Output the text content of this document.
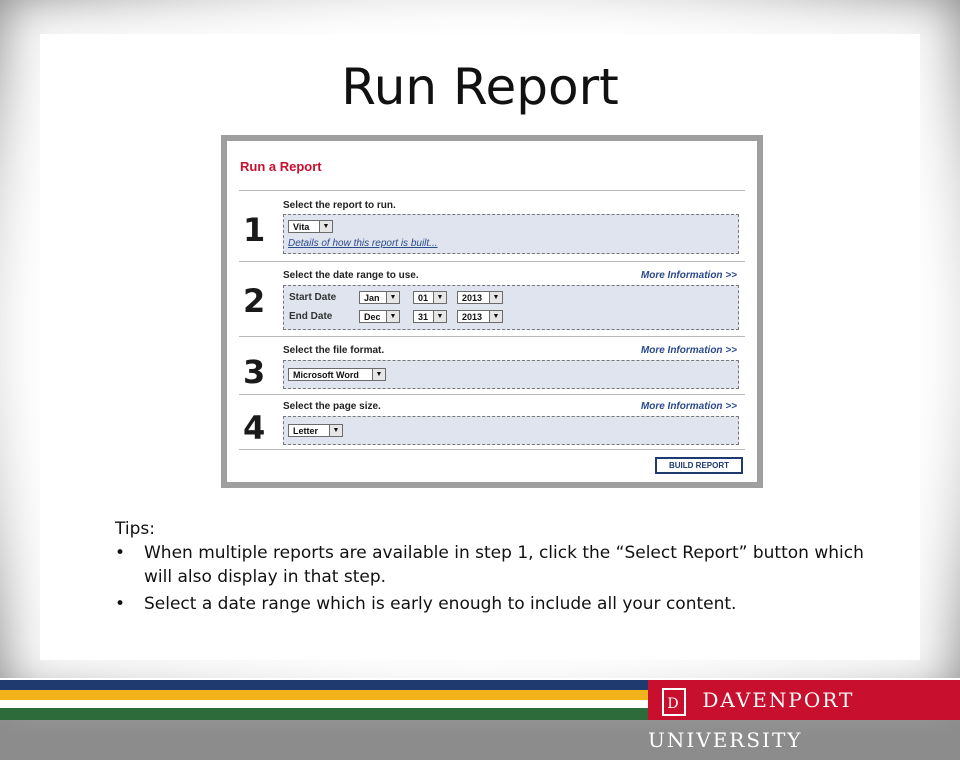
Run Report
Run a Report
1
Select the report to run.
Vita	▼
Details of how this report is built...
2
Select the date range to use.	More Information >>
Start Date	Jan	▼	01	▼	2013	▼
End Date	Dec	▼	31	▼	2013	▼
3
Select the file format.	More Information >>
Microsoft Word	▼
4
Select the page size.	More Information >>
Letter	▼
BUILD REPORT
Tips:
• When multiple reports are available in step 1, click the “Select Report” button which will also display in that step.
• Select a date range which is early enough to include all your content.
D DAVENPORT UNIVERSITY
